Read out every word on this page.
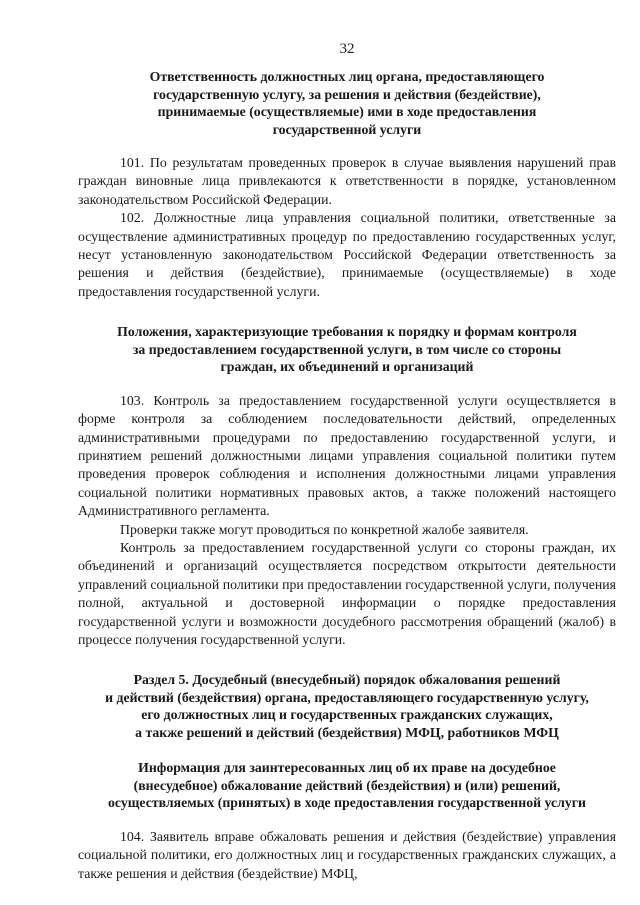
32
Ответственность должностных лиц органа, предоставляющего
государственную услугу, за решения и действия (бездействие),
принимаемые (осуществляемые) ими в ходе предоставления
государственной услуги

101. По результатам проведенных проверок в случае выявления нарушений прав граждан виновные лица привлекаются к ответственности в порядке, установленном законодательством Российской Федерации.

102. Должностные лица управления социальной политики, ответственные за осуществление административных процедур по предоставлению государственных услуг, несут установленную законодательством Российской Федерации ответственность за решения и действия (бездействие), принимаемые (осуществляемые) в ходе предоставления государственной услуги.

Положения, характеризующие требования к порядку и формам контроля
за предоставлением государственной услуги, в том числе со стороны
граждан, их объединений и организаций

103. Контроль за предоставлением государственной услуги осуществляется в форме контроля за соблюдением последовательности действий, определенных административными процедурами по предоставлению государственной услуги, и принятием решений должностными лицами управления социальной политики путем проведения проверок соблюдения и исполнения должностными лицами управления социальной политики нормативных правовых актов, а также положений настоящего Административного регламента.

Проверки также могут проводиться по конкретной жалобе заявителя.

Контроль за предоставлением государственной услуги со стороны граждан, их объединений и организаций осуществляется посредством открытости деятельности управлений социальной политики при предоставлении государственной услуги, получения полной, актуальной и достоверной информации о порядке предоставления государственной услуги и возможности досудебного рассмотрения обращений (жалоб) в процессе получения государственной услуги.

Раздел 5. Досудебный (внесудебный) порядок обжалования решений
и действий (бездействия) органа, предоставляющего государственную услугу,
его должностных лиц и государственных гражданских служащих,
а также решений и действий (бездействия) МФЦ, работников МФЦ
Информация для заинтересованных лиц об их праве на досудебное
(внесудебное) обжалование действий (бездействия) и (или) решений,
осуществляемых (принятых) в ходе предоставления государственной услуги

104. Заявитель вправе обжаловать решения и действия (бездействие) управления социальной политики, его должностных лиц и государственных гражданских служащих, а также решения и действия (бездействие) МФЦ,
